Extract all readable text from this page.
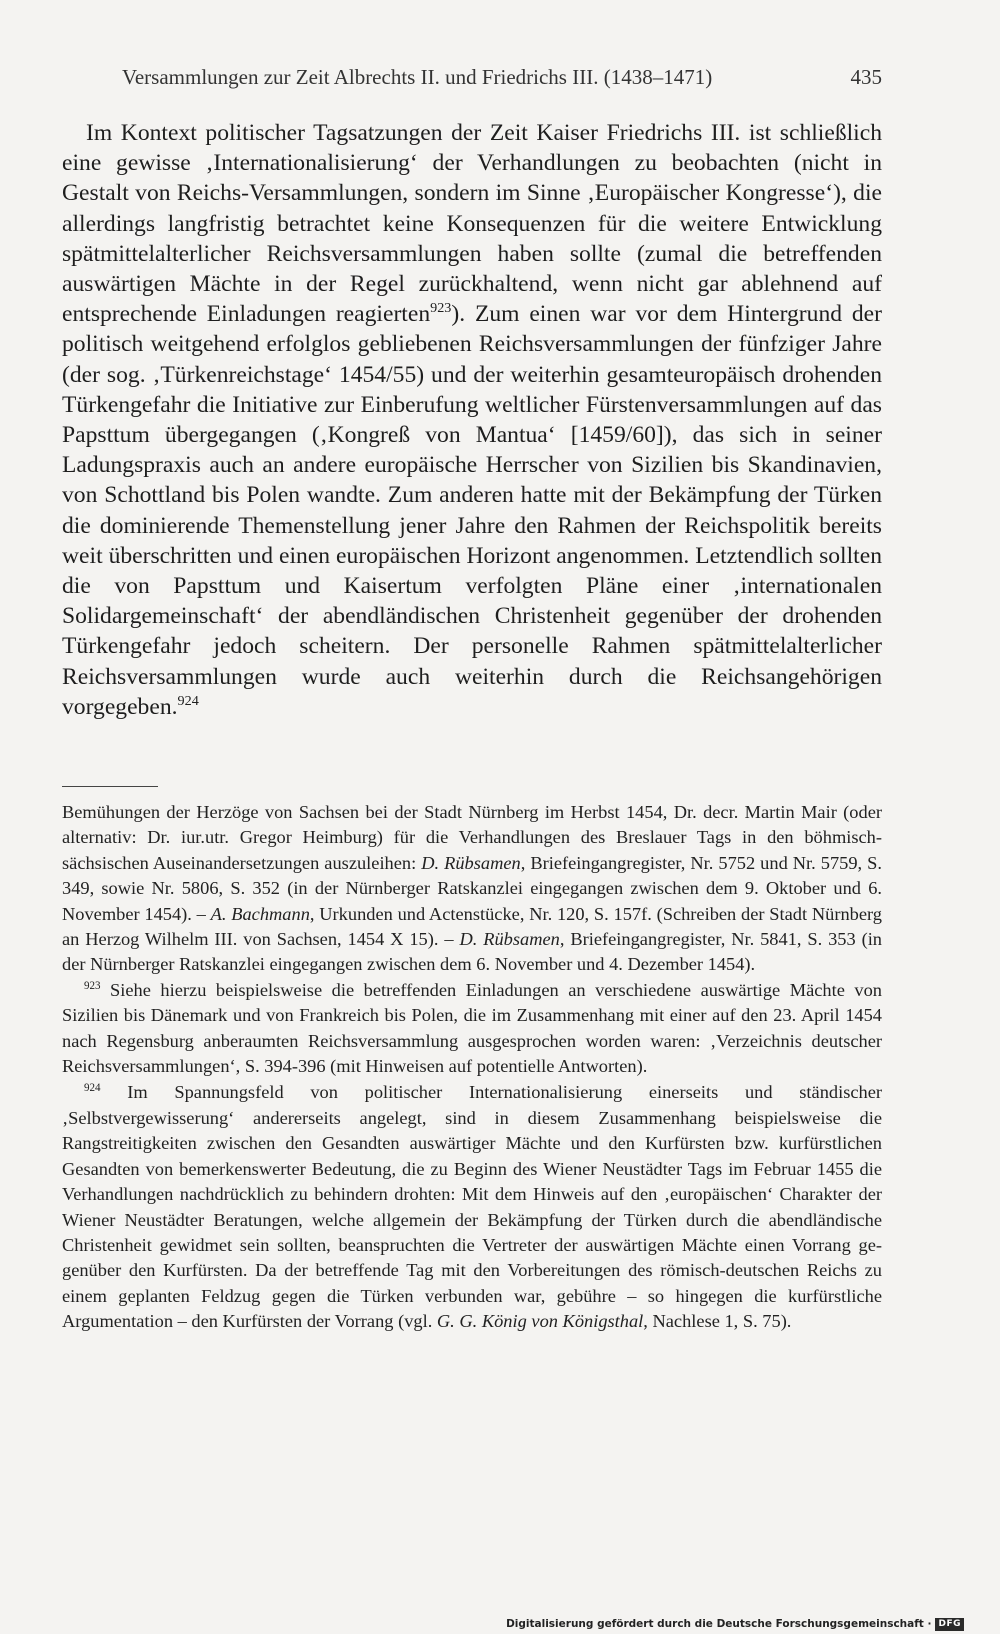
Versammlungen zur Zeit Albrechts II. und Friedrichs III. (1438–1471)	435

Im Kontext politischer Tagsatzungen der Zeit Kaiser Friedrichs III. ist schließlich eine gewisse ‚Internationalisierung‘ der Verhandlungen zu beobachten (nicht in Gestalt von Reichs-Versammlungen, sondern im Sinne ‚Europäischer Kongresse‘), die allerdings langfristig betrachtet keine Konsequenzen für die weitere Entwicklung spätmittelalterlicher Reichsversammlungen haben sollte (zumal die betreffenden auswärtigen Mächte in der Regel zurückhaltend, wenn nicht gar ablehnend auf entsprechende Einladungen reagierten$^{923}$). Zum einen war vor dem Hintergrund der politisch weitgehend erfolglos gebliebenen Reichsversammlungen der fünfziger Jahre (der sog. ‚Türkenreichstage‘ 1454/55) und der weiterhin gesamteuropäisch drohenden Türkengefahr die Initiative zur Einberufung weltlicher Fürstenversammlungen auf das Papsttum übergegangen (‚Kongreß von Mantua‘ [1459/60]), das sich in seiner Ladungspraxis auch an andere europäische Herrscher von Sizilien bis Skandinavien, von Schottland bis Polen wandte. Zum anderen hatte mit der Bekämpfung der Türken die dominierende Themenstellung jener Jahre den Rahmen der Reichspolitik bereits weit überschritten und einen europäischen Horizont angenommen. Letztendlich sollten die von Papsttum und Kaisertum verfolgten Pläne einer ‚internationalen Solidargemeinschaft‘ der abendländischen Christenheit gegenüber der drohenden Türkengefahr jedoch scheitern. Der personelle Rahmen spätmittelalterlicher Reichsversammlungen wurde auch weiterhin durch die Reichsangehörigen vorgegeben.$^{924}$

Bemühungen der Herzöge von Sachsen bei der Stadt Nürnberg im Herbst 1454, Dr. decr. Martin Mair (oder alternativ: Dr. iur.utr. Gregor Heimburg) für die Verhandlungen des Breslauer Tags in den böhmisch-sächsischen Auseinandersetzungen auszuleihen: D. Rübsamen, Briefeingangregister, Nr. 5752 und Nr. 5759, S. 349, sowie Nr. 5806, S. 352 (in der Nürnberger Ratskanzlei eingegangen zwischen dem 9. Oktober und 6. November 1454). – A. Bachmann, Urkunden und Actenstücke, Nr. 120, S. 157f. (Schreiben der Stadt Nürnberg an Herzog Wilhelm III. von Sachsen, 1454 X 15). – D. Rübsamen, Briefeingangregister, Nr. 5841, S. 353 (in der Nürnberger Ratskanzlei eingegangen zwischen dem 6. November und 4. Dezember 1454).

$^{923}$ Siehe hierzu beispielsweise die betreffenden Einladungen an verschiedene auswärtige Mächte von Sizilien bis Dänemark und von Frankreich bis Polen, die im Zusammenhang mit einer auf den 23. April 1454 nach Regensburg anberaumten Reichsversammlung ausgesprochen worden waren: ‚Verzeichnis deutscher Reichsversammlungen‘, S. 394-396 (mit Hinweisen auf potentielle Antworten).

$^{924}$ Im Spannungsfeld von politischer Internationalisierung einerseits und ständischer ‚Selbstvergewisserung‘ andererseits angelegt, sind in diesem Zusammenhang beispielsweise die Rangstreitigkeiten zwischen den Gesandten auswärtiger Mächte und den Kurfürsten bzw. kurfürstlichen Gesandten von bemerkenswerter Bedeutung, die zu Beginn des Wiener Neustädter Tags im Februar 1455 die Verhandlungen nachdrücklich zu behindern drohten: Mit dem Hinweis auf den ‚europäischen‘ Charakter der Wiener Neustädter Beratungen, welche allgemein der Bekämpfung der Türken durch die abendländische Christenheit gewidmet sein sollten, beanspruchten die Vertreter der auswärtigen Mächte einen Vorrang gegenüber den Kurfürsten. Da der betreffende Tag mit den Vorbereitungen des römisch-deutschen Reichs zu einem geplanten Feldzug gegen die Türken verbunden war, gebühre – so hingegen die kurfürstliche Argumentation – den Kurfürsten der Vorrang (vgl. G. G. König von Königsthal, Nachlese 1, S. 75).

Digitalisierung gefördert durch die Deutsche Forschungsgemeinschaft · DFG
